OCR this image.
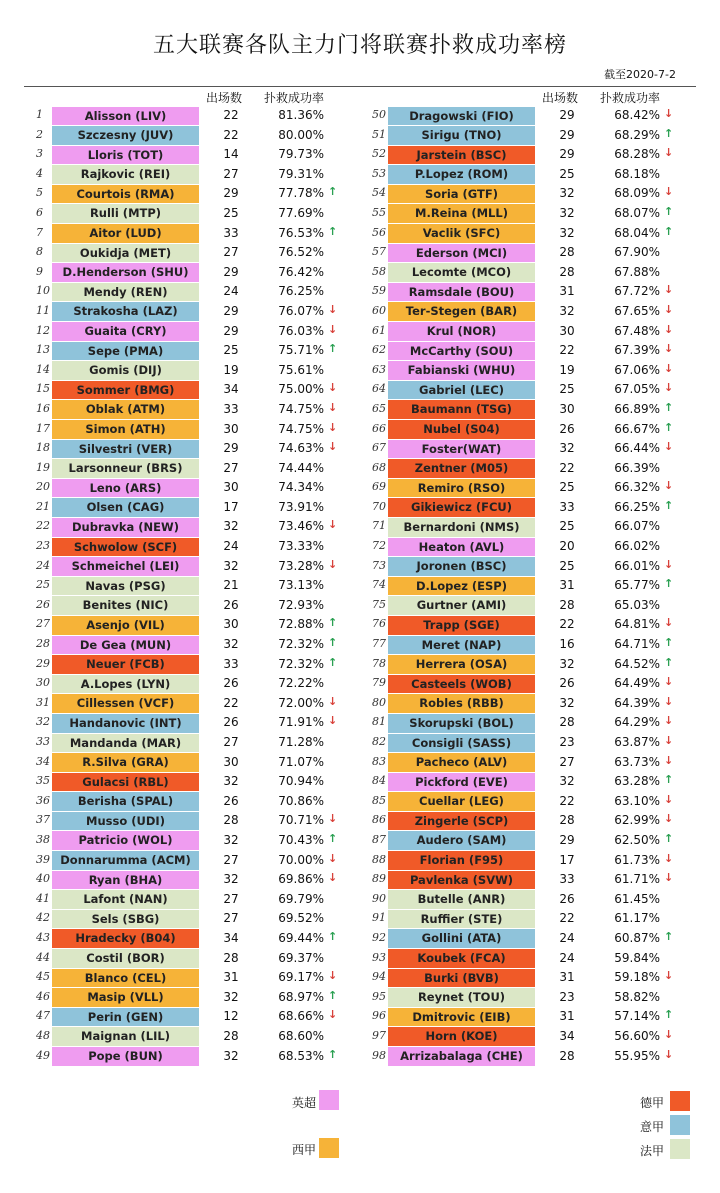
五大联赛各队主力门将联赛扑救成功率榜
截至2020-7-2
出场数 扑救成功率
1	Alisson (LIV)	22	81.36%
2	Szczesny (JUV)	22	80.00%
3	Lloris (TOT)	14	79.73%
4	Rajkovic (REI)	27	79.31%
5	Courtois (RMA)	29	77.78% ↑
6	Rulli (MTP)	25	77.69%
7	Aitor (LUD)	33	76.53% ↑
8	Oukidja (MET)	27	76.52%
9	D.Henderson (SHU)	29	76.42%
10	Mendy (REN)	24	76.25%
11	Strakosha (LAZ)	29	76.07% ↓
12	Guaita (CRY)	29	76.03% ↓
13	Sepe (PMA)	25	75.71% ↑
14	Gomis (DIJ)	19	75.61%
15	Sommer (BMG)	34	75.00% ↓
16	Oblak (ATM)	33	74.75% ↓
17	Simon (ATH)	30	74.75% ↓
18	Silvestri (VER)	29	74.63% ↓
19	Larsonneur (BRS)	27	74.44%
20	Leno (ARS)	30	74.34%
21	Olsen (CAG)	17	73.91%
22	Dubravka (NEW)	32	73.46% ↓
23	Schwolow (SCF)	24	73.33%
24	Schmeichel (LEI)	32	73.28% ↓
25	Navas (PSG)	21	73.13%
26	Benites (NIC)	26	72.93%
27	Asenjo (VIL)	30	72.88% ↑
28	De Gea (MUN)	32	72.32% ↑
29	Neuer (FCB)	33	72.32% ↑
30	A.Lopes (LYN)	26	72.22%
31	Cillessen (VCF)	22	72.00% ↓
32	Handanovic (INT)	26	71.91% ↓
33	Mandanda (MAR)	27	71.28%
34	R.Silva (GRA)	30	71.07%
35	Gulacsi (RBL)	32	70.94%
36	Berisha (SPAL)	26	70.86%
37	Musso (UDI)	28	70.71% ↓
38	Patricio (WOL)	32	70.43% ↑
39 Donnarumma (ACM)	27	70.00% ↓
40	Ryan (BHA)	32	69.86% ↓
41	Lafont (NAN)	27	69.79%
42	Sels (SBG)	27	69.52%
43	Hradecky (B04)	34	69.44% ↑
44	Costil (BOR)	28	69.37%
45	Blanco (CEL)	31	69.17% ↓
46	Masip (VLL)	32	68.97% ↑
47	Perin (GEN)	12	68.66% ↓
48	Maignan (LIL)	28	68.60%
49	Pope (BUN)	32	68.53% ↑
出场数 扑救成功率
50	Dragowski (FIO)	29	68.42% ↓
51	Sirigu (TNO)	29	68.29% ↑
52	Jarstein (BSC)	29	68.28% ↓
53	P.Lopez (ROM)	25	68.18%
54	Soria (GTF)	32	68.09% ↓
55	M.Reina (MLL)	32	68.07% ↑
56	Vaclik (SFC)	32	68.04% ↑
57	Ederson (MCI)	28	67.90%
58	Lecomte (MCO)	28	67.88%
59	Ramsdale (BOU)	31	67.72% ↓
60	Ter-Stegen (BAR)	32	67.65% ↓
61	Krul (NOR)	30	67.48% ↓
62	McCarthy (SOU)	22	67.39% ↓
63	Fabianski (WHU)	19	67.06% ↓
64	Gabriel (LEC)	25	67.05% ↓
65	Baumann (TSG)	30	66.89% ↑
66	Nubel (S04)	26	66.67% ↑
67	Foster(WAT)	32	66.44% ↓
68	Zentner (M05)	22	66.39%
69	Remiro (RSO)	25	66.32% ↓
70	Gikiewicz (FCU)	33	66.25% ↑
71	Bernardoni (NMS)	25	66.07%
72	Heaton (AVL)	20	66.02%
73	Joronen (BSC)	25	66.01% ↓
74	D.Lopez (ESP)	31	65.77% ↑
75	Gurtner (AMI)	28	65.03%
76	Trapp (SGE)	22	64.81% ↓
77	Meret (NAP)	16	64.71% ↑
78	Herrera (OSA)	32	64.52% ↑
79	Casteels (WOB)	26	64.49% ↓
80	Robles (RBB)	32	64.39% ↓
81	Skorupski (BOL)	28	64.29% ↓
82	Consigli (SASS)	23	63.87% ↓
83	Pacheco (ALV)	27	63.73% ↓
84	Pickford (EVE)	32	63.28% ↑
85	Cuellar (LEG)	22	63.10% ↓
86	Zingerle (SCP)	28	62.99% ↓
87	Audero (SAM)	29	62.50% ↑
88	Florian (F95)	17	61.73% ↓
89	Pavlenka (SVW)	33	61.71% ↓
90	Butelle (ANR)	26	61.45%
91	Ruffier (STE)	22	61.17%
92	Gollini (ATA)	24	60.87% ↑
93	Koubek (FCA)	24	59.84%
94	Burki (BVB)	31	59.18% ↓
95	Reynet (TOU)	23	58.82%
96	Dmitrovic (EIB)	31	57.14% ↑
97	Horn (KOE)	34	56.60% ↓
98	Arrizabalaga (CHE)	28	55.95% ↓
英超
西甲
德甲
意甲
法甲
